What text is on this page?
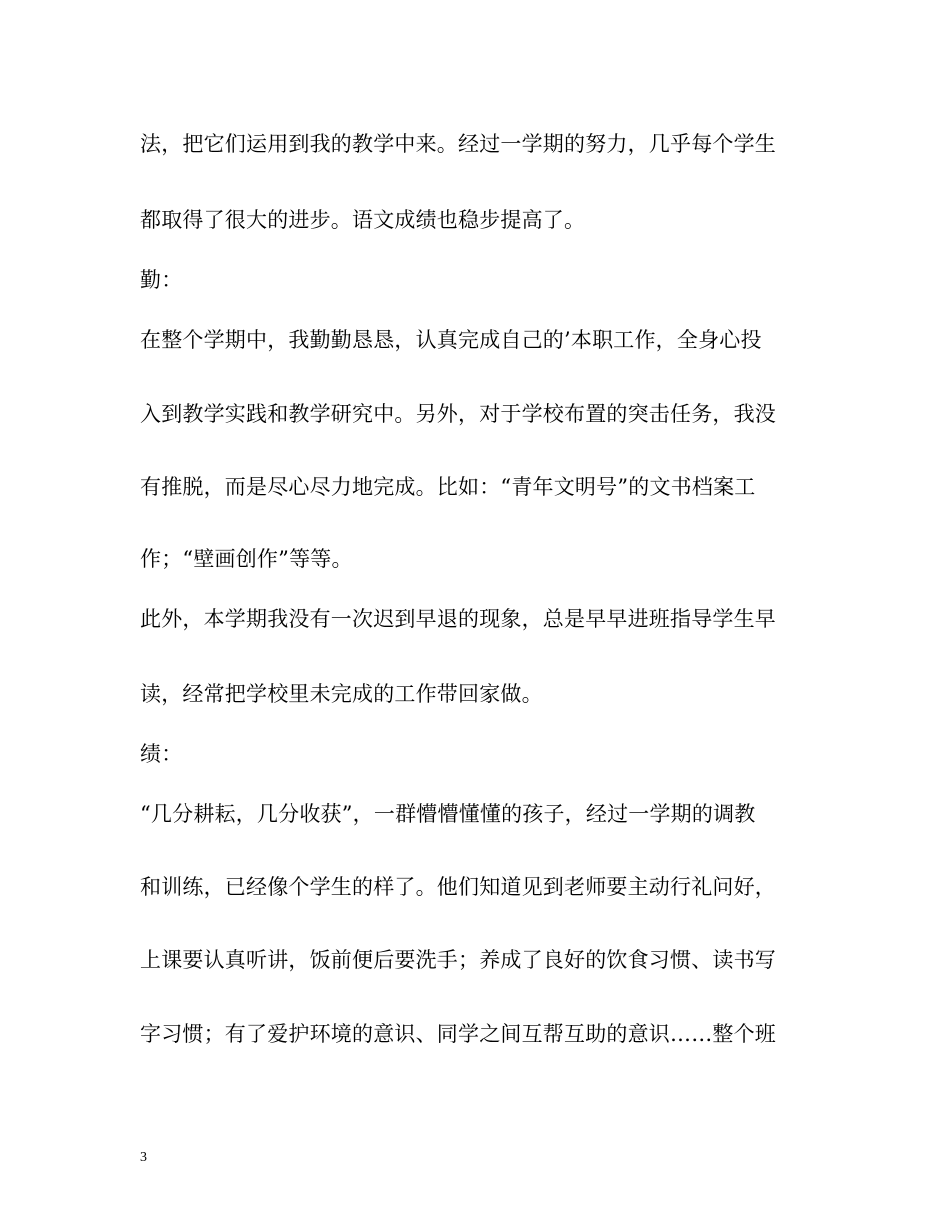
法，把它们运用到我的教学中来。经过一学期的努力，几乎每个学生
都取得了很大的进步。语文成绩也稳步提高了。
勤：
在整个学期中，我勤勤恳恳，认真完成自己的’本职工作，全身心投
入到教学实践和教学研究中。另外，对于学校布置的突击任务，我没
有推脱，而是尽心尽力地完成。比如：“青年文明号”的文书档案工
作；“壁画创作”等等。
此外，本学期我没有一次迟到早退的现象，总是早早进班指导学生早
读，经常把学校里未完成的工作带回家做。
绩：
“几分耕耘，几分收获”，一群懵懵懂懂的孩子，经过一学期的调教
和训练，已经像个学生的样了。他们知道见到老师要主动行礼问好，
上课要认真听讲，饭前便后要洗手；养成了良好的饮食习惯、读书写
字习惯；有了爱护环境的意识、同学之间互帮互助的意识……整个班
3
